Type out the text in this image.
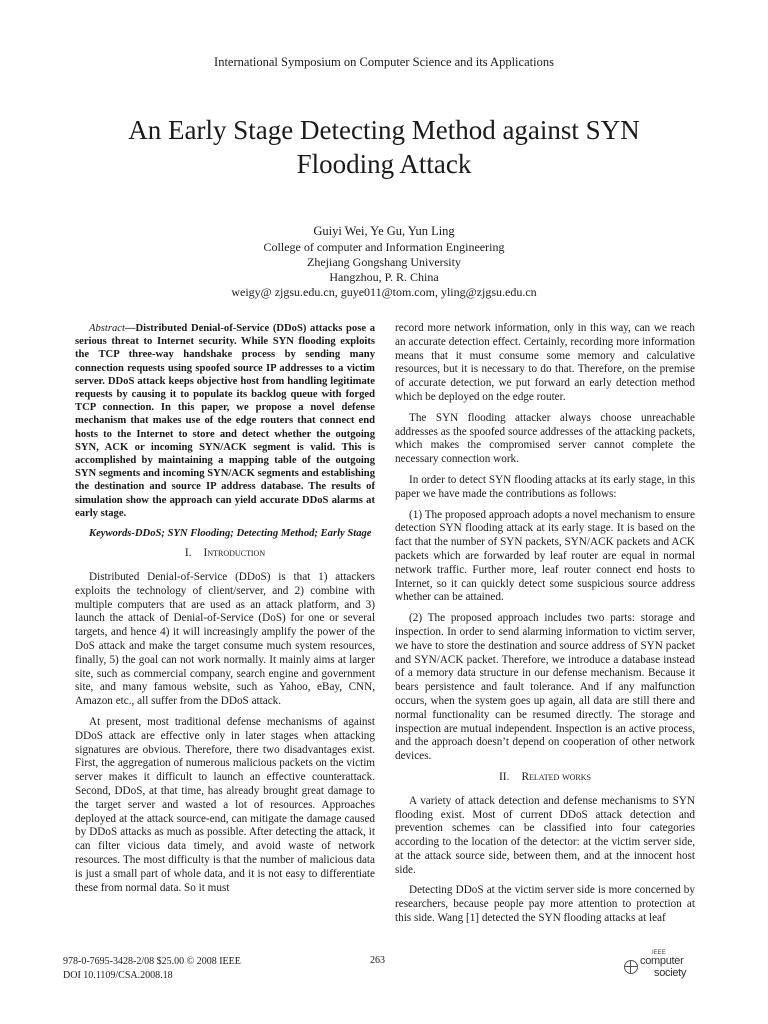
International Symposium on Computer Science and its Applications
An Early Stage Detecting Method against SYN
Flooding Attack
Guiyi Wei, Ye Gu, Yun Ling
College of computer and Information Engineering
Zhejiang Gongshang University
Hangzhou, P. R. China
weigy@ zjgsu.edu.cn, guye011@tom.com, yling@zjgsu.edu.cn

Abstract—Distributed Denial-of-Service (DDoS) attacks pose a serious threat to Internet security. While SYN flooding exploits the TCP three-way handshake process by sending many connection requests using spoofed source IP addresses to a victim server. DDoS attack keeps objective host from handling legitimate requests by causing it to populate its backlog queue with forged TCP connection. In this paper, we propose a novel defense mechanism that makes use of the edge routers that connect end hosts to the Internet to store and detect whether the outgoing SYN, ACK or incoming SYN/ACK segment is valid. This is accomplished by maintaining a mapping table of the outgoing SYN segments and incoming SYN/ACK segments and establishing the destination and source IP address database. The results of simulation show the approach can yield accurate DDoS alarms at early stage.

Keywords-DDoS; SYN Flooding; Detecting Method; Early Stage

I. Introduction

Distributed Denial-of-Service (DDoS) is that 1) attackers exploits the technology of client/server, and 2) combine with multiple computers that are used as an attack platform, and 3) launch the attack of Denial-of-Service (DoS) for one or several targets, and hence 4) it will increasingly amplify the power of the DoS attack and make the target consume much system resources, finally, 5) the goal can not work normally. It mainly aims at larger site, such as commercial company, search engine and government site, and many famous website, such as Yahoo, eBay, CNN, Amazon etc., all suffer from the DDoS attack.

At present, most traditional defense mechanisms of against DDoS attack are effective only in later stages when attacking signatures are obvious. Therefore, there two disadvantages exist. First, the aggregation of numerous malicious packets on the victim server makes it difficult to launch an effective counterattack. Second, DDoS, at that time, has already brought great damage to the target server and wasted a lot of resources. Approaches deployed at the attack source-end, can mitigate the damage caused by DDoS attacks as much as possible. After detecting the attack, it can filter vicious data timely, and avoid waste of network resources. The most difficulty is that the number of malicious data is just a small part of whole data, and it is not easy to differentiate these from normal data. So it must

record more network information, only in this way, can we reach an accurate detection effect. Certainly, recording more information means that it must consume some memory and calculative resources, but it is necessary to do that. Therefore, on the premise of accurate detection, we put forward an early detection method which be deployed on the edge router.

The SYN flooding attacker always choose unreachable addresses as the spoofed source addresses of the attacking packets, which makes the compromised server cannot complete the necessary connection work.

In order to detect SYN flooding attacks at its early stage, in this paper we have made the contributions as follows:

(1) The proposed approach adopts a novel mechanism to ensure detection SYN flooding attack at its early stage. It is based on the fact that the number of SYN packets, SYN/ACK packets and ACK packets which are forwarded by leaf router are equal in normal network traffic. Further more, leaf router connect end hosts to Internet, so it can quickly detect some suspicious source address whether can be attained.

(2) The proposed approach includes two parts: storage and inspection. In order to send alarming information to victim server, we have to store the destination and source address of SYN packet and SYN/ACK packet. Therefore, we introduce a database instead of a memory data structure in our defense mechanism. Because it bears persistence and fault tolerance. And if any malfunction occurs, when the system goes up again, all data are still there and normal functionality can be resumed directly. The storage and inspection are mutual independent. Inspection is an active process, and the approach doesn’t depend on cooperation of other network devices.

II. Related works

A variety of attack detection and defense mechanisms to SYN flooding exist. Most of current DDoS attack detection and prevention schemes can be classified into four categories according to the location of the detector: at the victim server side, at the attack source side, between them, and at the innocent host side.

Detecting DDoS at the victim server side is more concerned by researchers, because people pay more attention to protection at this side. Wang [1] detected the SYN flooding attacks at leaf

978-0-7695-3428-2/08 $25.00 © 2008 IEEE
DOI 10.1109/CSA.2008.18
263
IEEE
computer
society
